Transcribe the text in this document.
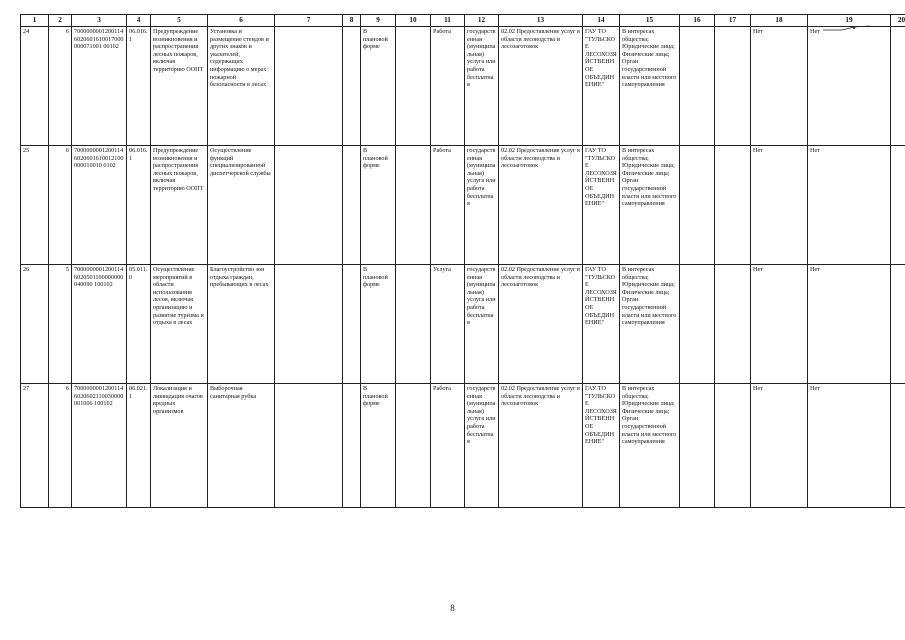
1	2	3	4	5	6	7	8	9	10	11	12	13	14	15	16	17	18	19	20
24	6	70000000012001146020601610017000000071001 00102	06.016.1	Предупреждение возникновения и распространения лесных пожаров, включая территорию ООПТ	Установка и размещение стендов и других знаков и указателей, содержащих информацию о мерах пожарной безопасности в лесах			В плановой форме		Работа	государственная (муниципальная) услуга или работа бесплатная	02.02 Предоставление услуг в области лесоводства и лесозаготовок	ГАУ ТО "ТУЛЬСКОЕ ЛЕСОХОЗЯЙСТВЕННОЕ ОБЪЕДИНЕНИЕ"	В интересах общества; Юридические лица; Физические лица; Орган государственной власти или местного самоуправления			Нет	Нет	
25	6	70000000012001146020601610012100000010010 0102	06.016.1	Предупреждение возникновения и распространения лесных пожаров, включая территорию ООПТ	Осуществление функций специализированной диспетчерской службы			В плановой форме		Работа	государственная (муниципальная) услуга или работа бесплатная	02.02 Предоставление услуг в области лесоводства и лесозаготовок	ГАУ ТО "ТУЛЬСКОЕ ЛЕСОХОЗЯЙСТВЕННОЕ ОБЪЕДИНЕНИЕ"	В интересах общества; Юридические лица; Физические лица; Орган государственной власти или местного самоуправления			Нет	Нет	
26	5	70000000012001146020501100000000040090 100102	05.011.0	Осуществление мероприятий в области использования лесов, включая организацию и развитие туризма и отдыха в лесах	Благоустройство зон отдыха граждан, пребывающих в лесах			В плановой форме		Услуга	государственная (муниципальная) услуга или работа бесплатная	02.02 Предоставление услуг в области лесоводства и лесозаготовок	ГАУ ТО "ТУЛЬСКОЕ ЛЕСОХОЗЯЙСТВЕННОЕ ОБЪЕДИНЕНИЕ"	В интересах общества; Юридические лица; Физические лица; Орган государственной власти или местного самоуправления			Нет	Нет	
27	6	70000000012001146020602110030000001006 100102	06.021.1	Локализация и ликвидация очагов вредных организмов	Выборочная санитарная рубка			В плановой форме		Работа	государственная (муниципальная) услуга или работа бесплатная	02.02 Предоставление услуг в области лесоводства и лесозаготовок	ГАУ ТО "ТУЛЬСКОЕ ЛЕСОХОЗЯЙСТВЕННОЕ ОБЪЕДИНЕНИЕ"	В интересах общества; Юридические лица; Физические лица; Орган государственной власти или местного самоуправления			Нет	Нет	
8
